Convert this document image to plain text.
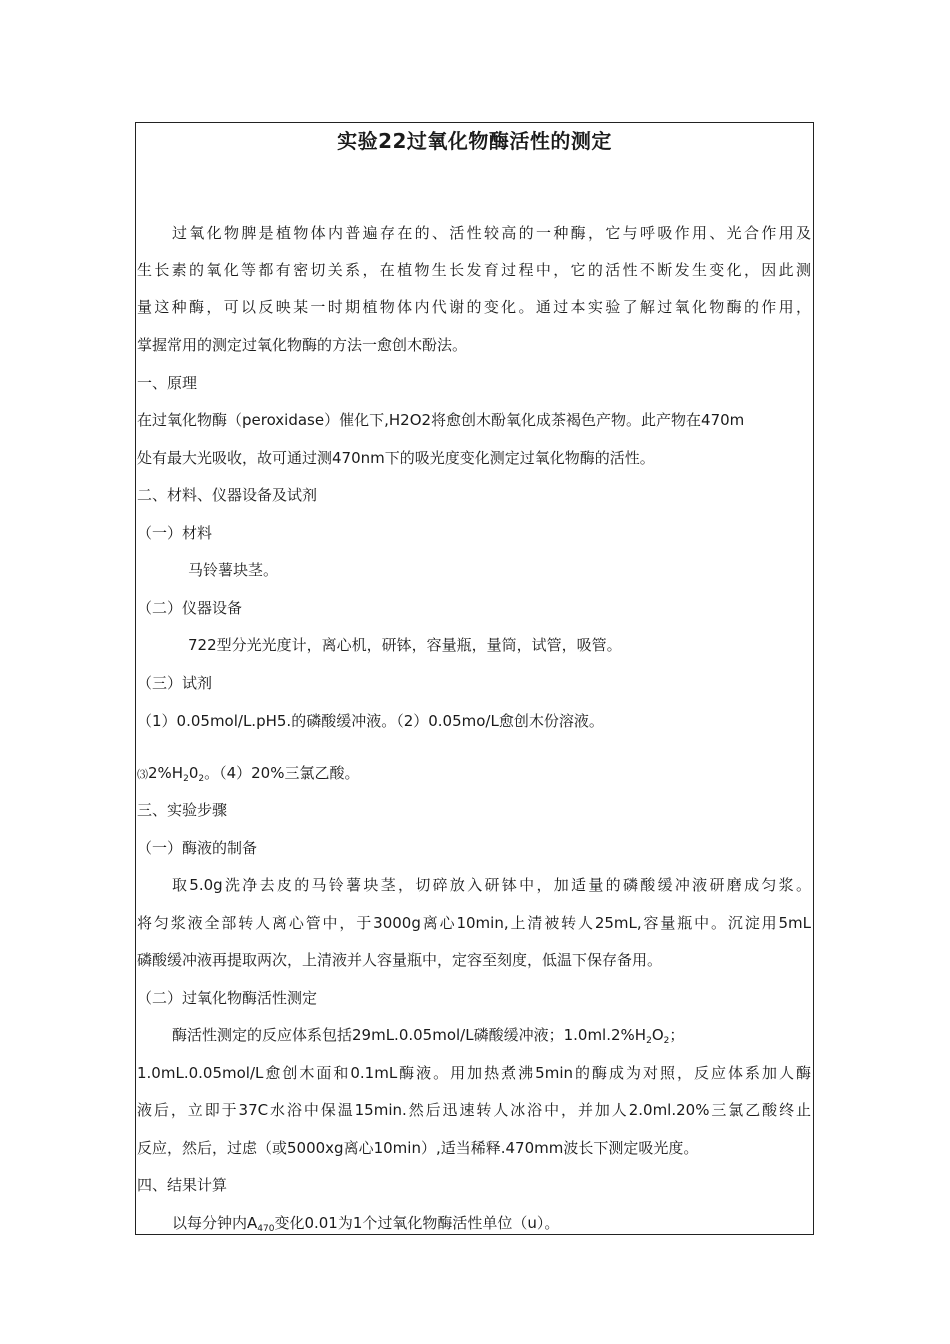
实验22过氧化物酶活性的测定
过氧化物脾是植物体内普遍存在的、活性较高的一种酶，它与呼吸作用、光合作用及
生长素的氧化等都有密切关系，在植物生长发育过程中，它的活性不断发生变化，因此测
量这种酶，可以反映某一时期植物体内代谢的变化。通过本实验了解过氧化物酶的作用，
掌握常用的测定过氧化物酶的方法一愈创木酚法。
一、原理
在过氧化物酶（peroxidase）催化下,H2O2将愈创木酚氧化成茶褐色产物。此产物在470m
处有最大光吸收，故可通过测470nm下的吸光度变化测定过氧化物酶的活性。
二、材料、仪器设备及试剂
（一）材料
马铃薯块茎。
（二）仪器设备
722型分光光度计，离心机，研钵，容量瓶，量筒，试管，吸管。
（三）试剂
（1）0.05mol/L.pH5.的磷酸缓冲液。（2）0.05mo/L愈创木份溶液。
$⑶2\%H_20_2$。（4）20%三氯乙酸。
三、实验步骤
（一）酶液的制备
取5.0g洗净去皮的马铃薯块茎，切碎放入研钵中，加适量的磷酸缓冲液研磨成匀浆。
将匀浆液全部转人离心管中，于3000g离心10min,上清被转人25mL,容量瓶中。沉淀用5mL
磷酸缓冲液再提取两次，上清液并人容量瓶中，定容至刻度，低温下保存备用。
（二）过氧化物酶活性测定
酶活性测定的反应体系包括29mL.0.05mol/L磷酸缓冲液；$1.0ml.2\%H_2O_2$；
1.0mL.0.05mol/L愈创木面和0.1mL酶液。用加热煮沸5min的酶成为对照，反应体系加人酶
液后，立即于37C水浴中保温15min.然后迅速转人冰浴中，并加人2.0ml.20%三氯乙酸终止
反应，然后，过虑（或5000xg离心10min）,适当稀释.470mm波长下测定吸光度。
四、结果计算
以每分钟内$A_{470}$变化0.01为1个过氧化物酶活性单位（u）。
